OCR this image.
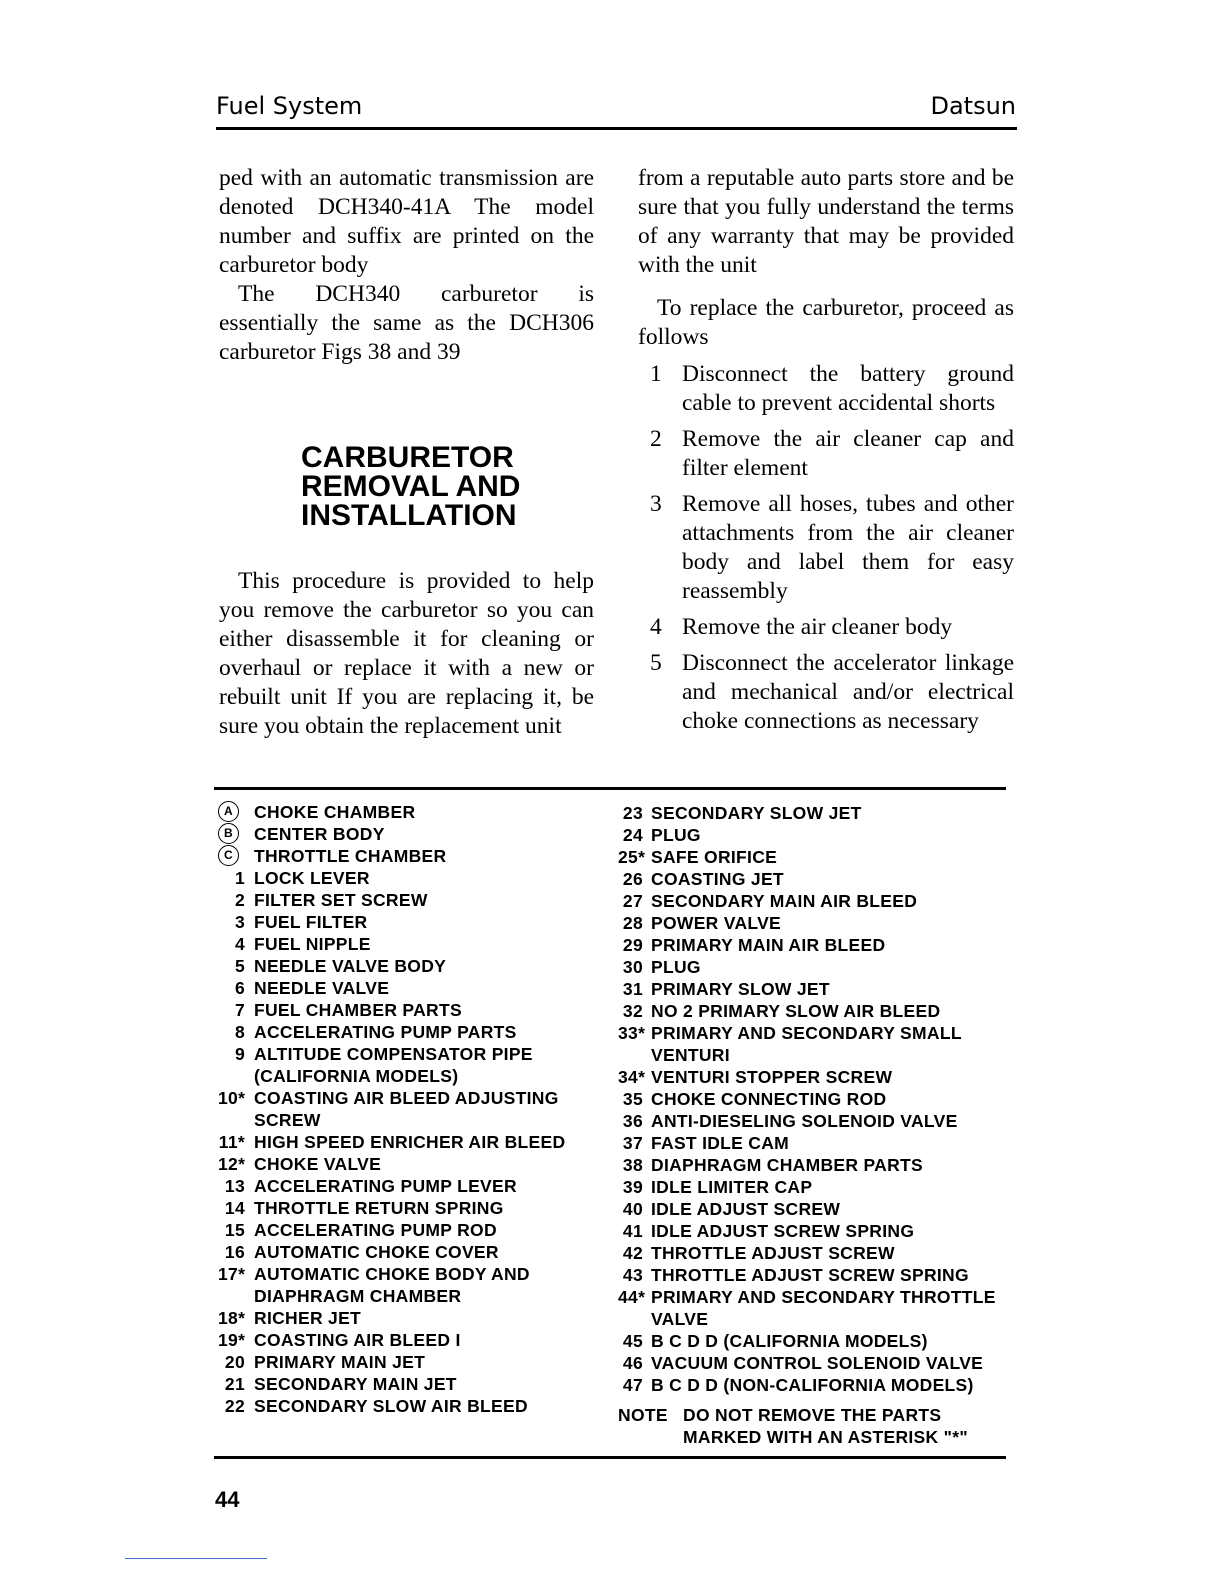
Fuel System	Datsun

ped with an automatic transmission are denoted DCH340-41A The model number and suffix are printed on the carburetor body

The DCH340 carburetor is essentially the same as the DCH306 carburetor Figs 38 and 39

This procedure is provided to help you remove the carburetor so you can either disassemble it for cleaning or overhaul or replace it with a new or rebuilt unit If you are replacing it, be sure you obtain the replacement unit

CARBURETOR
REMOVAL AND
INSTALLATION

from a reputable auto parts store and be sure that you fully understand the terms of any warranty that may be provided with the unit

To replace the carburetor, proceed as follows

1 Disconnect the battery ground cable to prevent accidental shorts
2 Remove the air cleaner cap and filter element
3 Remove all hoses, tubes and other attachments from the air cleaner body and label them for easy reassembly
4 Remove the air cleaner body
5 Disconnect the accelerator linkage and mechanical and/or electrical choke connections as necessary
A	CHOKE CHAMBER
B	CENTER BODY
C	THROTTLE CHAMBER
1 LOCK LEVER
2 FILTER SET SCREW
3 FUEL FILTER
4 FUEL NIPPLE
5 NEEDLE VALVE BODY
6 NEEDLE VALVE
7 FUEL CHAMBER PARTS
8 ACCELERATING PUMP PARTS
9 ALTITUDE COMPENSATOR PIPE
(CALIFORNIA MODELS)
10* COASTING AIR BLEED ADJUSTING
SCREW
11* HIGH SPEED ENRICHER AIR BLEED
12* CHOKE VALVE
13 ACCELERATING PUMP LEVER
14 THROTTLE RETURN SPRING
15 ACCELERATING PUMP ROD
16 AUTOMATIC CHOKE COVER
17* AUTOMATIC CHOKE BODY AND
DIAPHRAGM CHAMBER
18* RICHER JET
19* COASTING AIR BLEED I
20 PRIMARY MAIN JET
21 SECONDARY MAIN JET
22 SECONDARY SLOW AIR BLEED
23 SECONDARY SLOW JET
24 PLUG
25* SAFE ORIFICE
26 COASTING JET
27 SECONDARY MAIN AIR BLEED
28 POWER VALVE
29 PRIMARY MAIN AIR BLEED
30 PLUG
31 PRIMARY SLOW JET
32 NO 2 PRIMARY SLOW AIR BLEED
33* PRIMARY AND SECONDARY SMALL
VENTURI
34* VENTURI STOPPER SCREW
35 CHOKE CONNECTING ROD
36 ANTI-DIESELING SOLENOID VALVE
37 FAST IDLE CAM
38 DIAPHRAGM CHAMBER PARTS
39 IDLE LIMITER CAP
40 IDLE ADJUST SCREW
41 IDLE ADJUST SCREW SPRING
42 THROTTLE ADJUST SCREW
43 THROTTLE ADJUST SCREW SPRING
44* PRIMARY AND SECONDARY THROTTLE
VALVE
45 B C D D (CALIFORNIA MODELS)
46 VACUUM CONTROL SOLENOID VALVE
47 B C D D (NON-CALIFORNIA MODELS)
NOTE DO NOT REMOVE THE PARTS
MARKED WITH AN ASTERISK "*"
44
